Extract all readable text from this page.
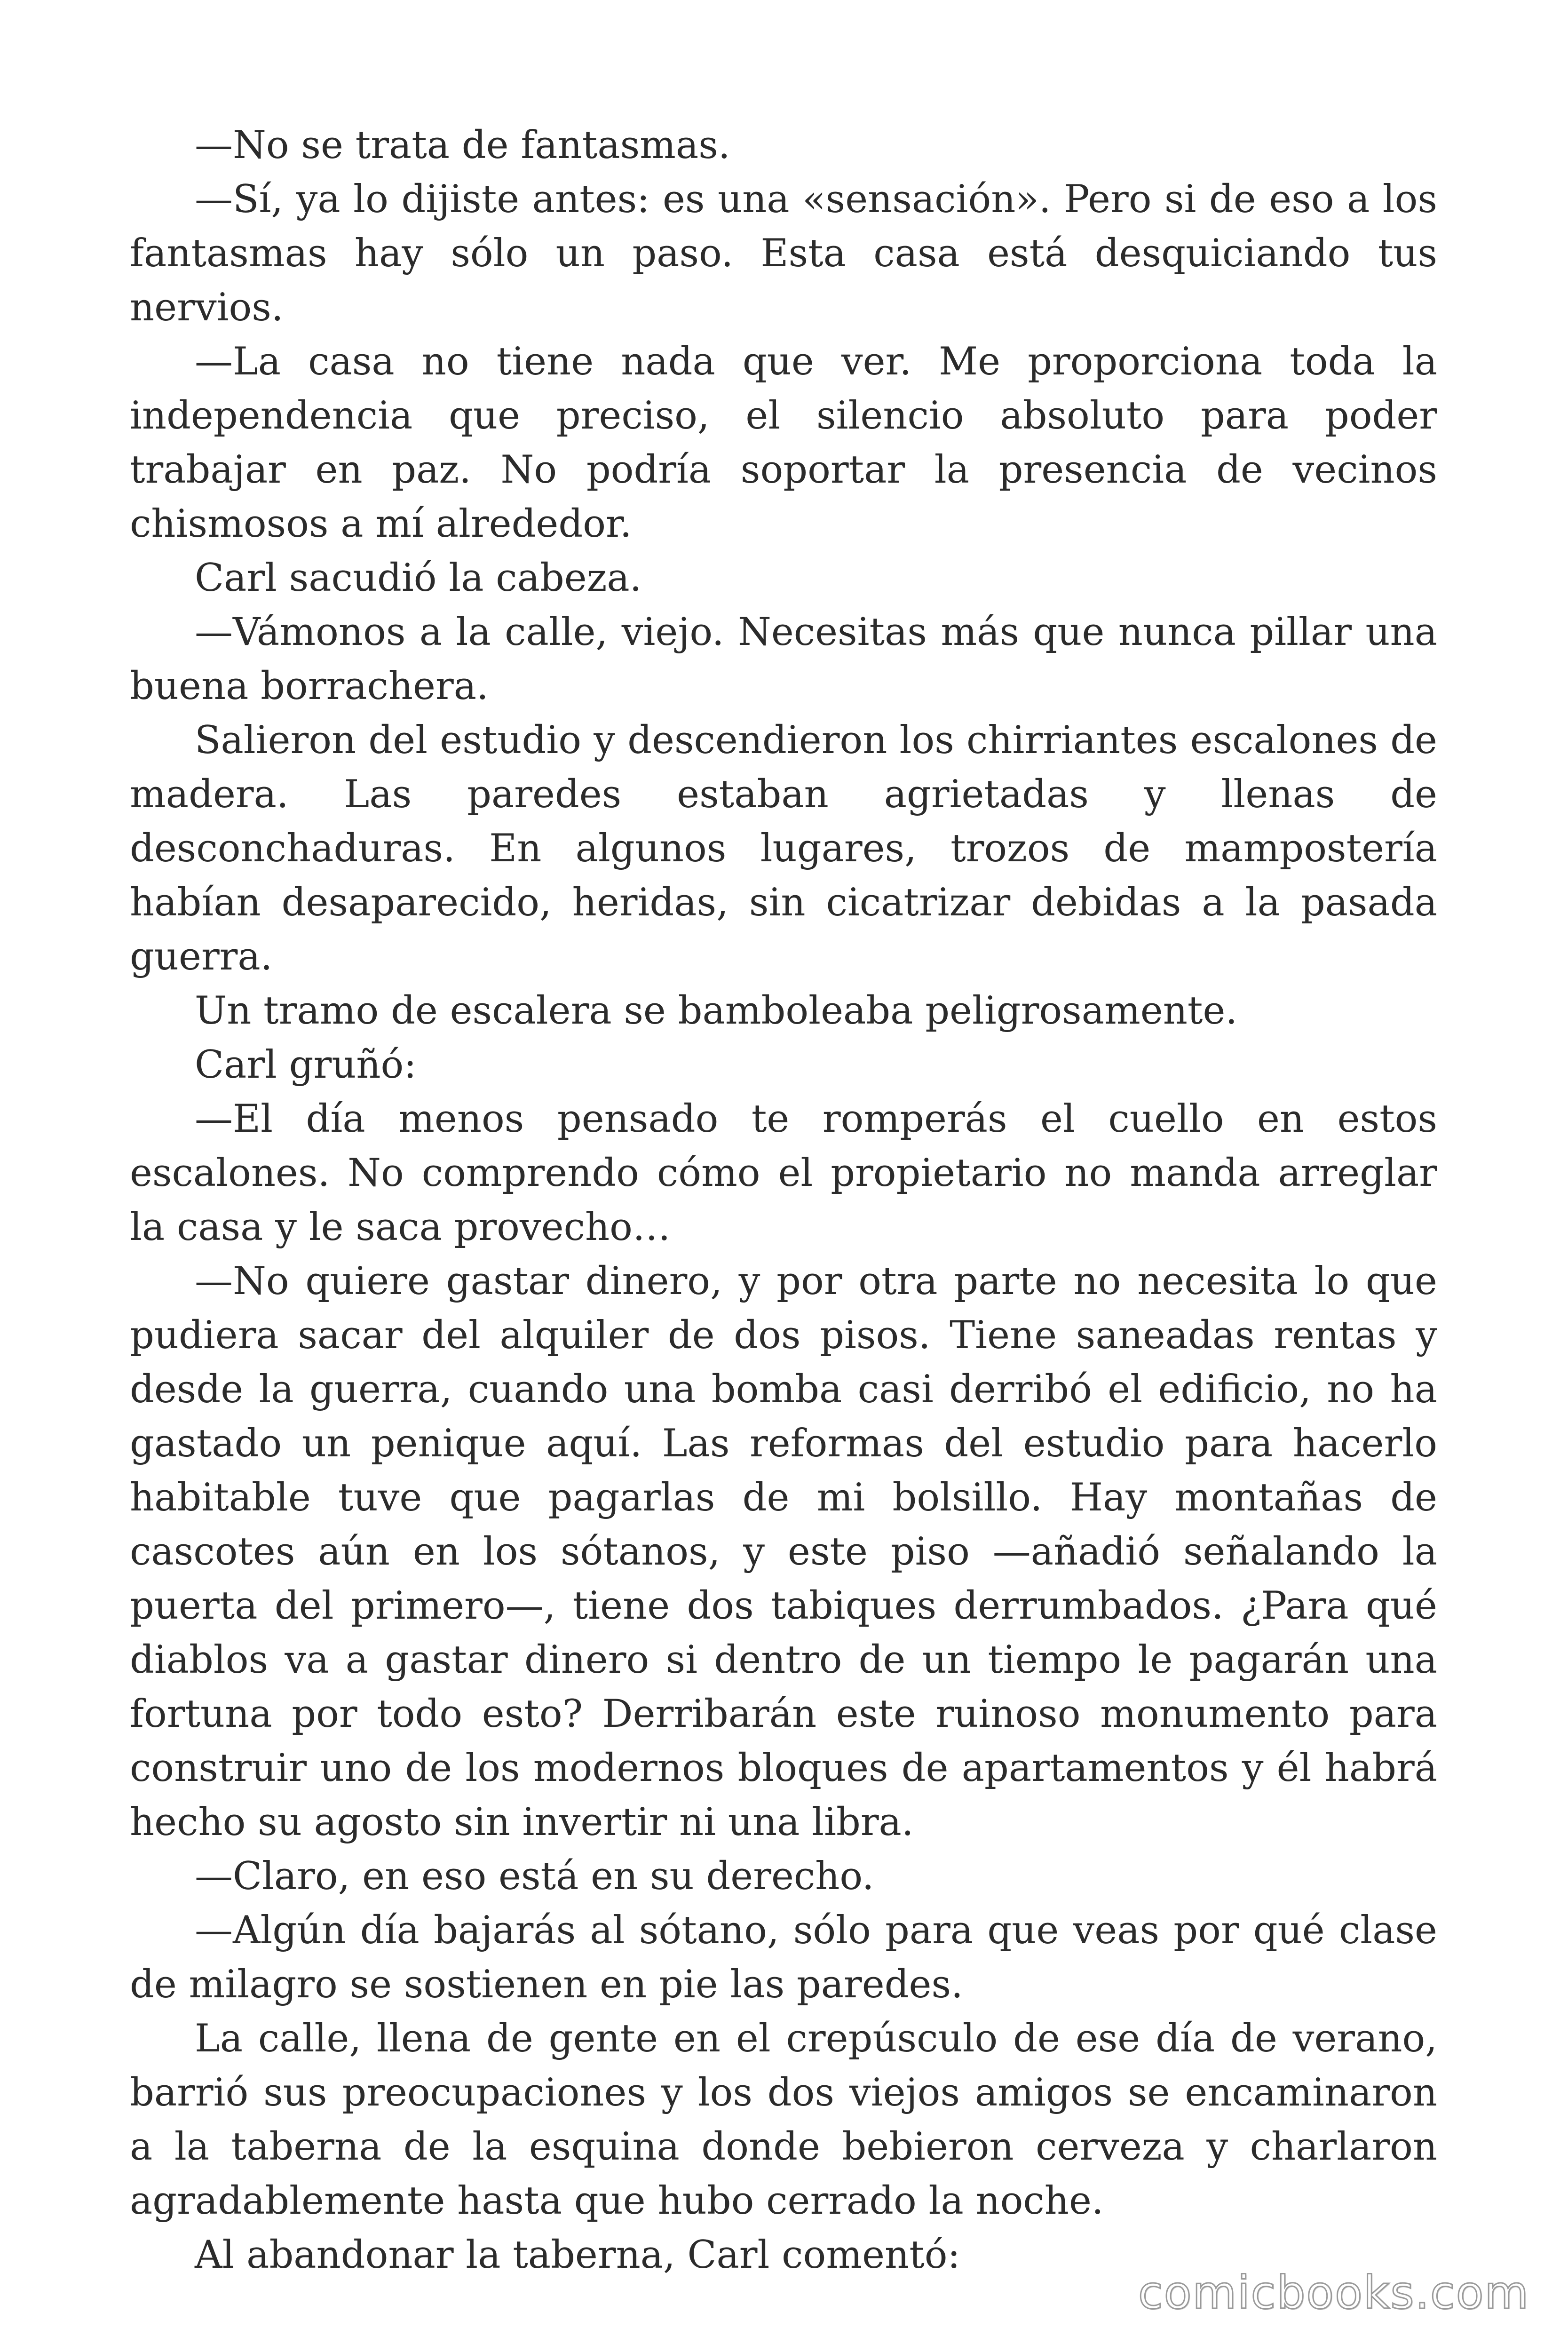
—No se trata de fantasmas.

—Sí, ya lo dijiste antes: es una «sensación». Pero si de eso a los fantasmas hay sólo un paso. Esta casa está desquiciando tus nervios.

—La casa no tiene nada que ver. Me proporciona toda la independencia que preciso, el silencio absoluto para poder trabajar en paz. No podría soportar la presencia de vecinos chismosos a mí alrededor.

Carl sacudió la cabeza.

—Vámonos a la calle, viejo. Necesitas más que nunca pillar una buena borrachera.

Salieron del estudio y descendieron los chirriantes escalones de madera. Las paredes estaban agrietadas y llenas de desconchaduras. En algunos lugares, trozos de mampostería habían desaparecido, heridas, sin cicatrizar debidas a la pasada guerra.

Un tramo de escalera se bamboleaba peligrosamente.

Carl gruñó:

—El día menos pensado te romperás el cuello en estos escalones. No comprendo cómo el propietario no manda arreglar la casa y le saca provecho…

—No quiere gastar dinero, y por otra parte no necesita lo que pudiera sacar del alquiler de dos pisos. Tiene saneadas rentas y desde la guerra, cuando una bomba casi derribó el edificio, no ha gastado un penique aquí. Las reformas del estudio para hacerlo habitable tuve que pagarlas de mi bolsillo. Hay montañas de cascotes aún en los sótanos, y este piso —añadió señalando la puerta del primero—, tiene dos tabiques derrumbados. ¿Para qué diablos va a gastar dinero si dentro de un tiempo le pagarán una fortuna por todo esto? Derribarán este ruinoso monumento para construir uno de los modernos bloques de apartamentos y él habrá hecho su agosto sin invertir ni una libra.

—Claro, en eso está en su derecho.

—Algún día bajarás al sótano, sólo para que veas por qué clase de milagro se sostienen en pie las paredes.

La calle, llena de gente en el crepúsculo de ese día de verano, barrió sus preocupaciones y los dos viejos amigos se encaminaron a la taberna de la esquina donde bebieron cerveza y charlaron agradablemente hasta que hubo cerrado la noche.

Al abandonar la taberna, Carl comentó:

comicbooks.com
